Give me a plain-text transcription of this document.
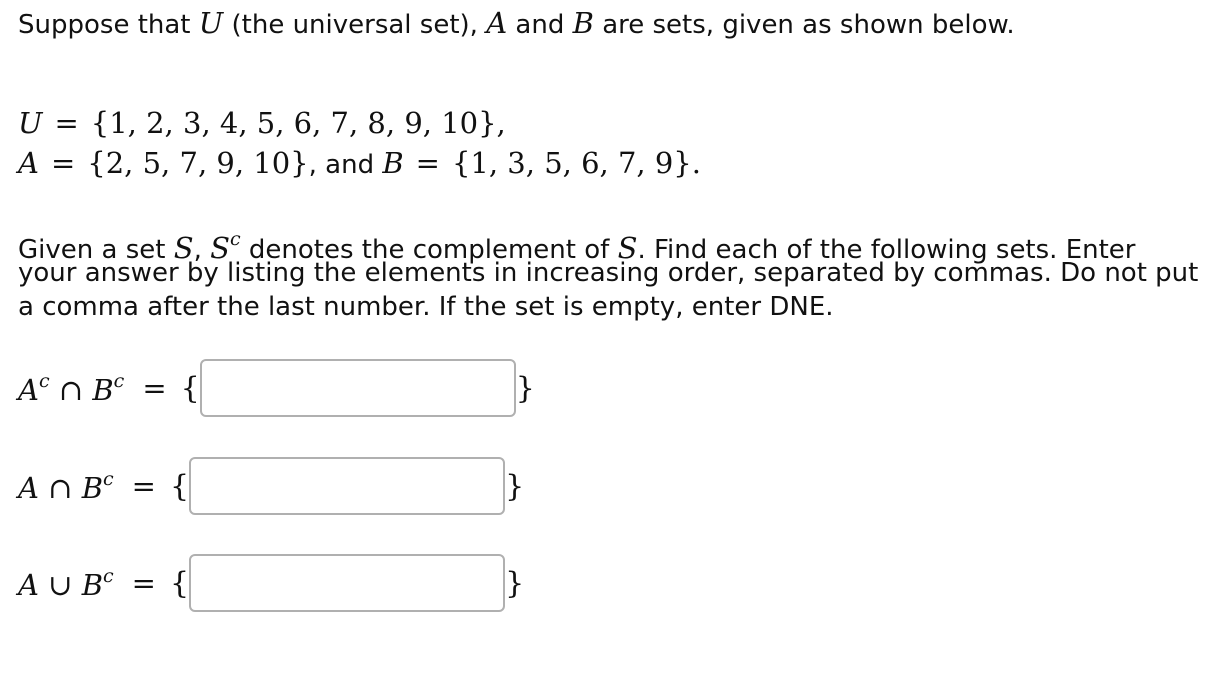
Suppose that U (the universal set), A and B are sets, given as shown below.
U = {1, 2, 3, 4, 5, 6, 7, 8, 9, 10},
A = {2, 5, 7, 9, 10}, and B = {1, 3, 5, 6, 7, 9}.
Given a set S, $S^c$ denotes the complement of S. Find each of the following sets. Enter
your answer by listing the elements in increasing order, separated by commas. Do not put
a comma after the last number. If the set is empty, enter DNE.
$A^c$ ∩ $B^c$ = {	}
A ∩ $B^c$ = {	}
A ∪ $B^c$ = {	}
